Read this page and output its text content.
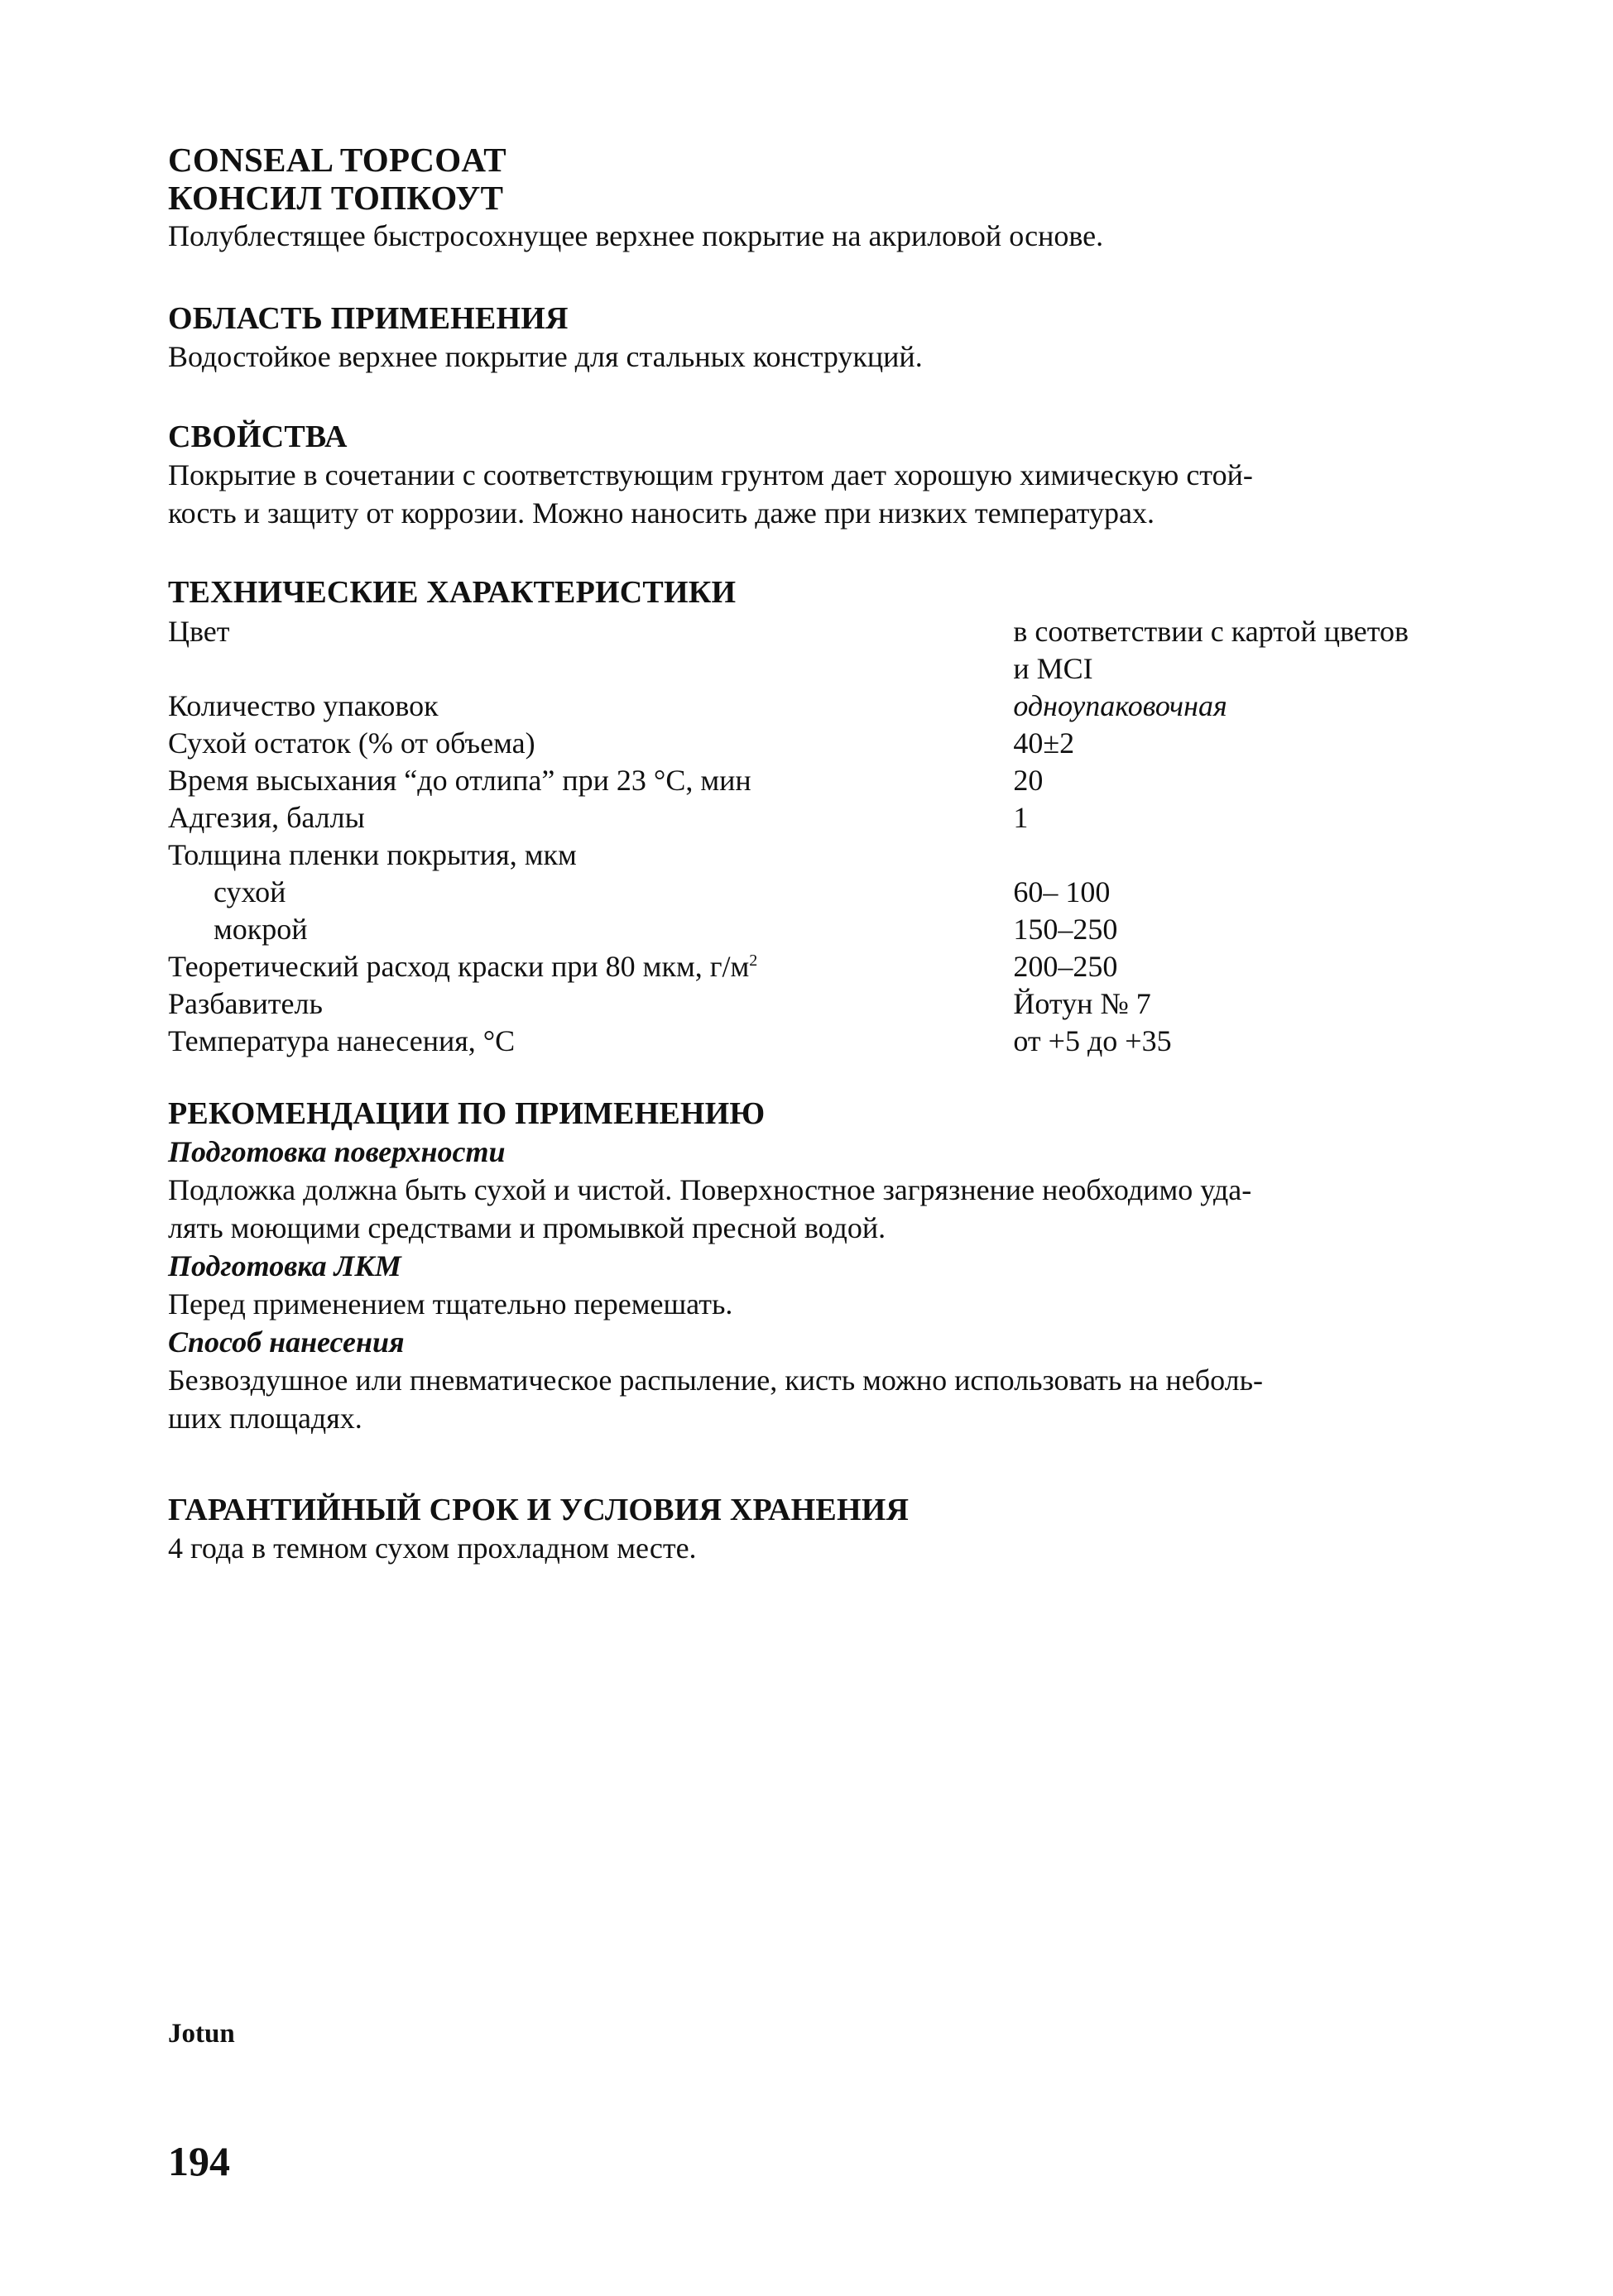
CONSEAL TOPCOAT
КОНСИЛ ТОПКОУТ
Полублестящее быстросохнущее верхнее покрытие на акриловой основе.
ОБЛАСТЬ ПРИМЕНЕНИЯ
Водостойкое верхнее покрытие для стальных конструкций.
СВОЙСТВА
Покрытие в сочетании с соответствующим грунтом дает хорошую химическую стой-
кость и защиту от коррозии. Можно наносить даже при низких температурах.
ТЕХНИЧЕСКИЕ ХАРАКТЕРИСТИКИ
Цвет	в соответствии с картой цветов
	и MCI
Количество упаковок	одноупаковочная
Сухой остаток (% от объема)	40±2
Время высыхания “до отлипа” при 23 °С, мин	20
Адгезия, баллы	1
Толщина пленки покрытия, мкм	
сухой	60– 100
мокрой	150–250
Теоретический расход краски при 80 мкм, $г/м^2$	200–250
Разбавитель	Йотун № 7
Температура нанесения, °С	от +5 до +35
РЕКОМЕНДАЦИИ ПО ПРИМЕНЕНИЮ
Подготовка поверхности
Подложка должна быть сухой и чистой. Поверхностное загрязнение необходимо уда-
лять моющими средствами и промывкой пресной водой.
Подготовка ЛКМ
Перед применением тщательно перемешать.
Способ нанесения
Безвоздушное или пневматическое распыление, кисть можно использовать на неболь-
ших площадях.
ГАРАНТИЙНЫЙ СРОК И УСЛОВИЯ ХРАНЕНИЯ
4 года в темном сухом прохладном месте.
Jotun
194
